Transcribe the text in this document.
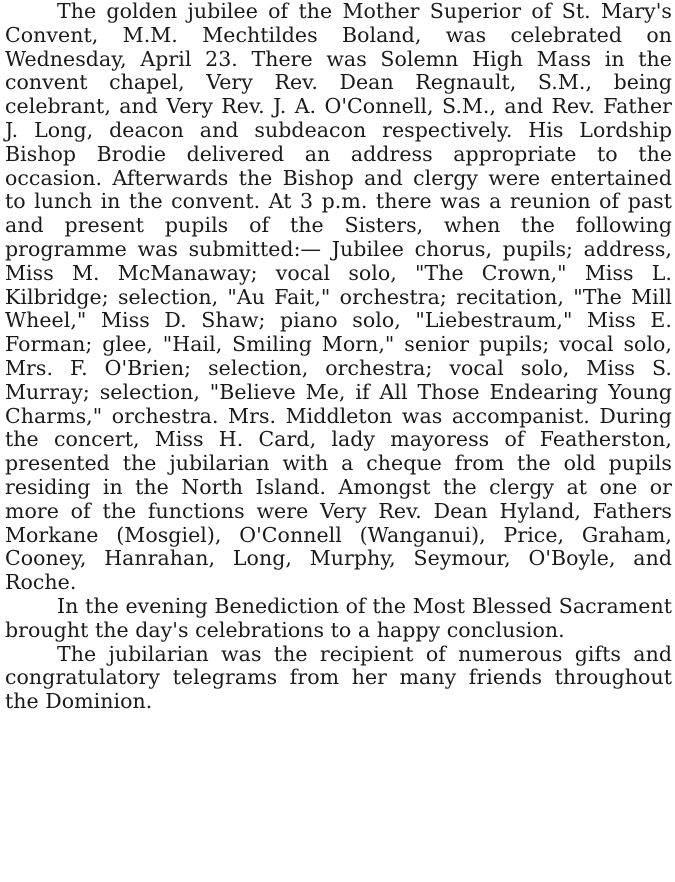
The golden jubilee of the Mother Superior of St. Mary's Convent, M.M. Mechtildes Boland, was celebrated on Wednesday, April 23. There was Solemn High Mass in the convent chapel, Very Rev. Dean Regnault, S.M., being celebrant, and Very Rev. J. A. O'Connell, S.M., and Rev. Father J. Long, deacon and subdeacon respectively. His Lordship Bishop Brodie delivered an address appropriate to the occasion. Afterwards the Bishop and clergy were entertained to lunch in the convent. At 3 p.m. there was a reunion of past and present pupils of the Sisters, when the following programme was submitted:— Jubilee chorus, pupils; address, Miss M. McManaway; vocal solo, "The Crown," Miss L. Kilbridge; selection, "Au Fait," orchestra; recitation, "The Mill Wheel," Miss D. Shaw; piano solo, "Liebestraum," Miss E. Forman; glee, "Hail, Smiling Morn," senior pupils; vocal solo, Mrs. F. O'Brien; selection, orchestra; vocal solo, Miss S. Murray; selection, "Believe Me, if All Those Endearing Young Charms," orchestra. Mrs. Middleton was accompanist. During the concert, Miss H. Card, lady mayoress of Featherston, presented the jubilarian with a cheque from the old pupils residing in the North Island. Amongst the clergy at one or more of the functions were Very Rev. Dean Hyland, Fathers Morkane (Mosgiel), O'Connell (Wanganui), Price, Graham, Cooney, Hanrahan, Long, Murphy, Seymour, O'Boyle, and Roche.

In the evening Benediction of the Most Blessed Sacrament brought the day's celebrations to a happy conclusion.

The jubilarian was the recipient of numerous gifts and congratulatory telegrams from her many friends throughout the Dominion.
